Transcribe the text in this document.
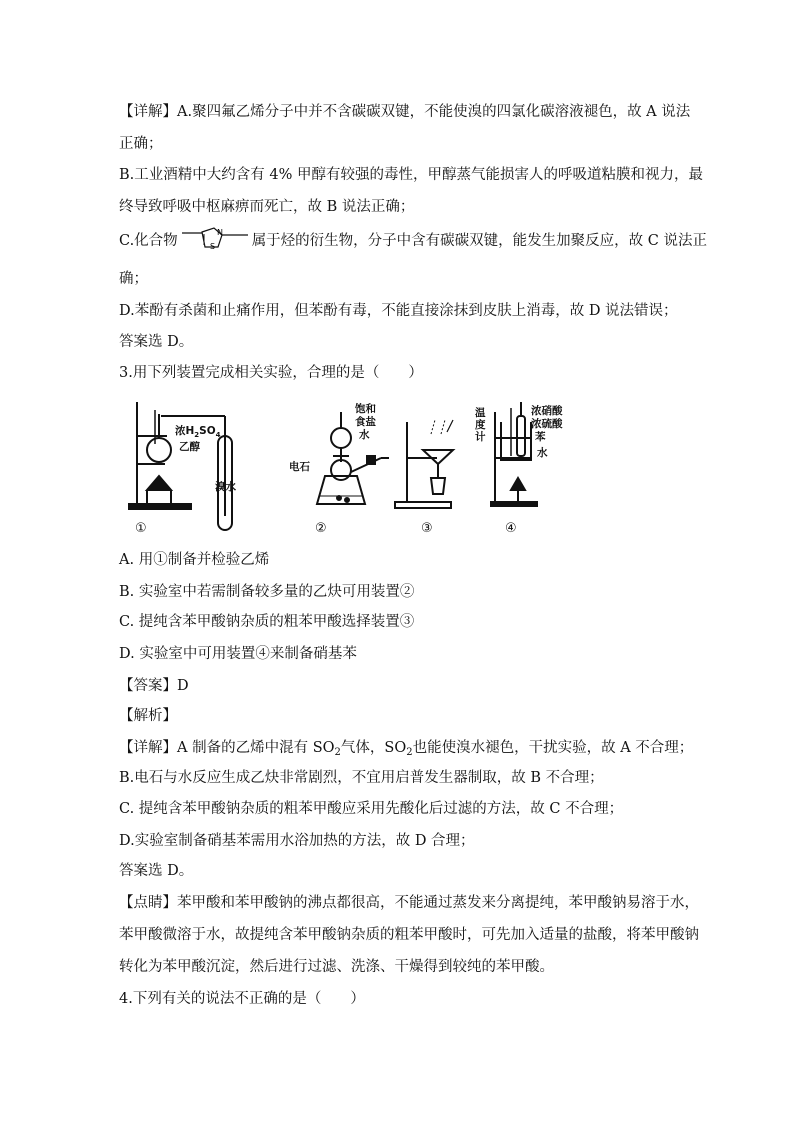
【详解】A.聚四氟乙烯分子中并不含碳碳双键，不能使溴的四氯化碳溶液褪色，故 A 说法
正确；
B.工业酒精中大约含有 4% 甲醇有较强的毒性，甲醇蒸气能损害人的呼吸道粘膜和视力，最
终导致呼吸中枢麻痹而死亡，故 B 说法正确；
C.化合物
N
S	属于烃的衍生物，分子中含有碳碳双键，能发生加聚反应，故 C 说法正
确；
D.苯酚有杀菌和止痛作用，但苯酚有毒，不能直接涂抹到皮肤上消毒，故 D 说法错误；
答案选 D。
3.用下列装置完成相关实验，合理的是（　　）
浓$H_2SO_4$
乙醇
溴水
饱和
食盐
水
电石
温
度
计
浓硝酸
浓硫酸
苯
水
①	②	③	④
A. 用①制备并检验乙烯
B. 实验室中若需制备较多量的乙炔可用装置②
C. 提纯含苯甲酸钠杂质的粗苯甲酸选择装置③
D. 实验室中可用装置④来制备硝基苯
【答案】D
【解析】
【详解】A 制备的乙烯中混有 $SO_2$气体，$SO_2$也能使溴水褪色，干扰实验，故 A 不合理；
B.电石与水反应生成乙炔非常剧烈，不宜用启普发生器制取，故 B 不合理；
C. 提纯含苯甲酸钠杂质的粗苯甲酸应采用先酸化后过滤的方法，故 C 不合理；
D.实验室制备硝基苯需用水浴加热的方法，故 D 合理；
答案选 D。
【点睛】苯甲酸和苯甲酸钠的沸点都很高，不能通过蒸发来分离提纯，苯甲酸钠易溶于水，
苯甲酸微溶于水，故提纯含苯甲酸钠杂质的粗苯甲酸时，可先加入适量的盐酸，将苯甲酸钠
转化为苯甲酸沉淀，然后进行过滤、洗涤、干燥得到较纯的苯甲酸。
4.下列有关的说法不正确的是（　　）
